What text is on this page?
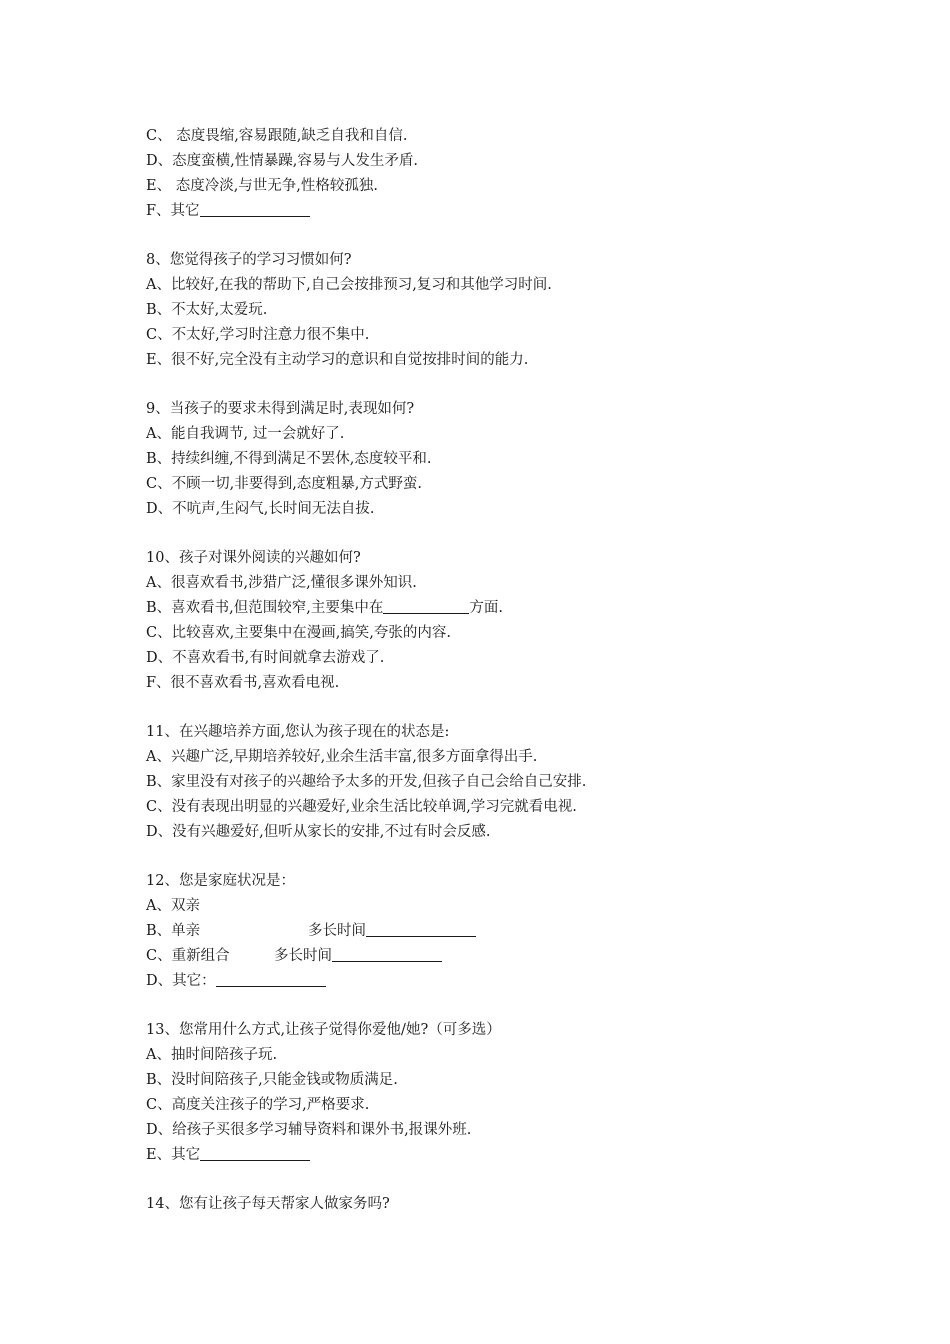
C、 态度畏缩,容易跟随,缺乏自我和自信.
D、态度蛮横,性情暴躁,容易与人发生矛盾.
E、 态度冷淡,与世无争,性格较孤独.
F、其它
8、您觉得孩子的学习习惯如何?
A、比较好,在我的帮助下,自己会按排预习,复习和其他学习时间.
B、不太好,太爱玩.
C、不太好,学习时注意力很不集中.
E、很不好,完全没有主动学习的意识和自觉按排时间的能力.
9、当孩子的要求未得到满足时,表现如何?
A、能自我调节, 过一会就好了.
B、持续纠缠,不得到满足不罢休,态度较平和.
C、不顾一切,非要得到,态度粗暴,方式野蛮.
D、不吭声,生闷气,长时间无法自拔.
10、孩子对课外阅读的兴趣如何?
A、很喜欢看书,涉猎广泛,懂很多课外知识.
B、喜欢看书,但范围较窄,主要集中在	方面.
C、比较喜欢,主要集中在漫画,搞笑,夸张的内容.
D、不喜欢看书,有时间就拿去游戏了.
F、很不喜欢看书,喜欢看电视.
11、在兴趣培养方面,您认为孩子现在的状态是:
A、兴趣广泛,早期培养较好,业余生活丰富,很多方面拿得出手.
B、家里没有对孩子的兴趣给予太多的开发,但孩子自己会给自己安排.
C、没有表现出明显的兴趣爱好,业余生活比较单调,学习完就看电视.
D、没有兴趣爱好,但听从家长的安排,不过有时会反感.
12、您是家庭状况是：
A、双亲
B、单亲	多长时间
C、重新组合	多长时间
D、其它：
13、您常用什么方式,让孩子觉得你爱他/她?（可多选）
A、抽时间陪孩子玩.
B、没时间陪孩子,只能金钱或物质满足.
C、高度关注孩子的学习,严格要求.
D、给孩子买很多学习辅导资料和课外书,报课外班.
E、其它
14、您有让孩子每天帮家人做家务吗?
